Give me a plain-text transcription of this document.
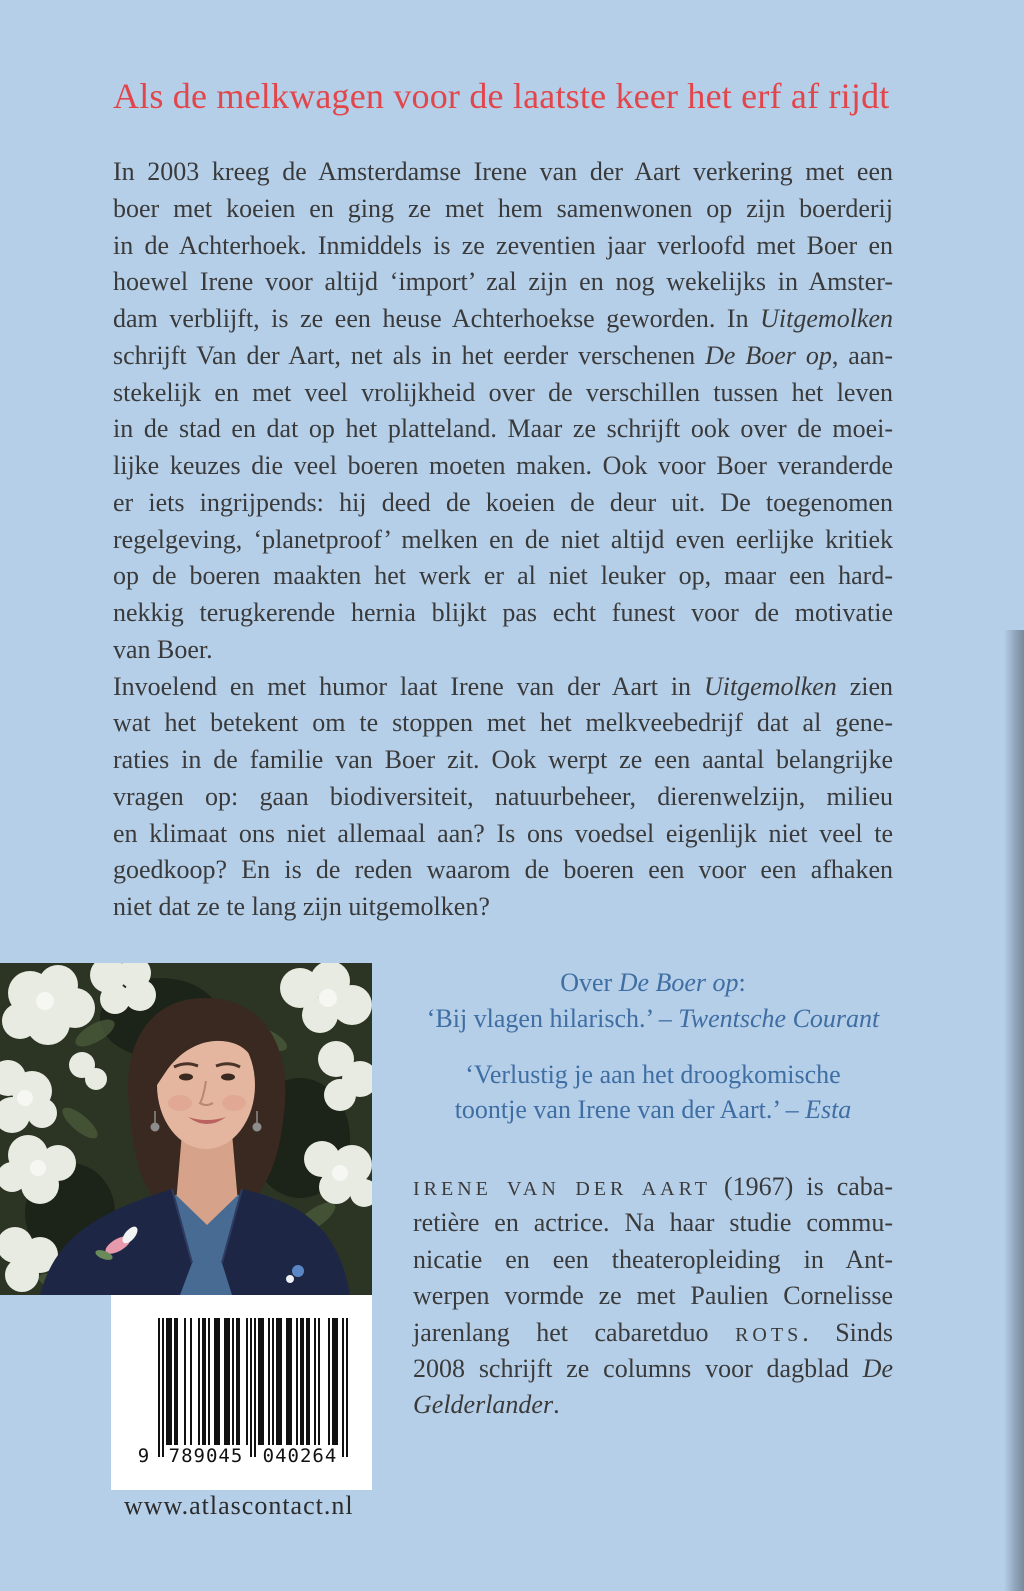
Als de melkwagen voor de laatste keer het erf af rijdt
In 2003 kreeg de Amsterdamse Irene van der Aart verkering met een
boer met koeien en ging ze met hem samenwonen op zijn boerderij
in de Achterhoek. Inmiddels is ze zeventien jaar verloofd met Boer en
hoewel Irene voor altijd ‘import’ zal zijn en nog wekelijks in Amster-
dam verblijft, is ze een heuse Achterhoekse geworden. In Uitgemolken
schrijft Van der Aart, net als in het eerder verschenen De Boer op, aan-
stekelijk en met veel vrolijkheid over de verschillen tussen het leven
in de stad en dat op het platteland. Maar ze schrijft ook over de moei-
lijke keuzes die veel boeren moeten maken. Ook voor Boer veranderde
er iets ingrijpends: hij deed de koeien de deur uit. De toegenomen
regelgeving, ‘planetproof’ melken en de niet altijd even eerlijke kritiek
op de boeren maakten het werk er al niet leuker op, maar een hard-
nekkig terugkerende hernia blijkt pas echt funest voor de motivatie
van Boer.
Invoelend en met humor laat Irene van der Aart in Uitgemolken zien
wat het betekent om te stoppen met het melkveebedrijf dat al gene-
raties in de familie van Boer zit. Ook werpt ze een aantal belangrijke
vragen op: gaan biodiversiteit, natuurbeheer, dierenwelzijn, milieu
en klimaat ons niet allemaal aan? Is ons voedsel eigenlijk niet veel te
goedkoop? En is de reden waarom de boeren een voor een afhaken
niet dat ze te lang zijn uitgemolken?
9 789045 040264
www.atlascontact.nl
Over De Boer op:
‘Bij vlagen hilarisch.’ – Twentsche Courant
‘Verlustig je aan het droogkomische
toontje van Irene van der Aart.’ – Esta
IRENE VAN DER AART (1967) is caba-
retière en actrice. Na haar studie commu-
nicatie en een theateropleiding in Ant-
werpen vormde ze met Paulien Cornelisse
jarenlang het cabaretduo ROTS. Sinds
2008 schrijft ze columns voor dagblad De
Gelderlander.
